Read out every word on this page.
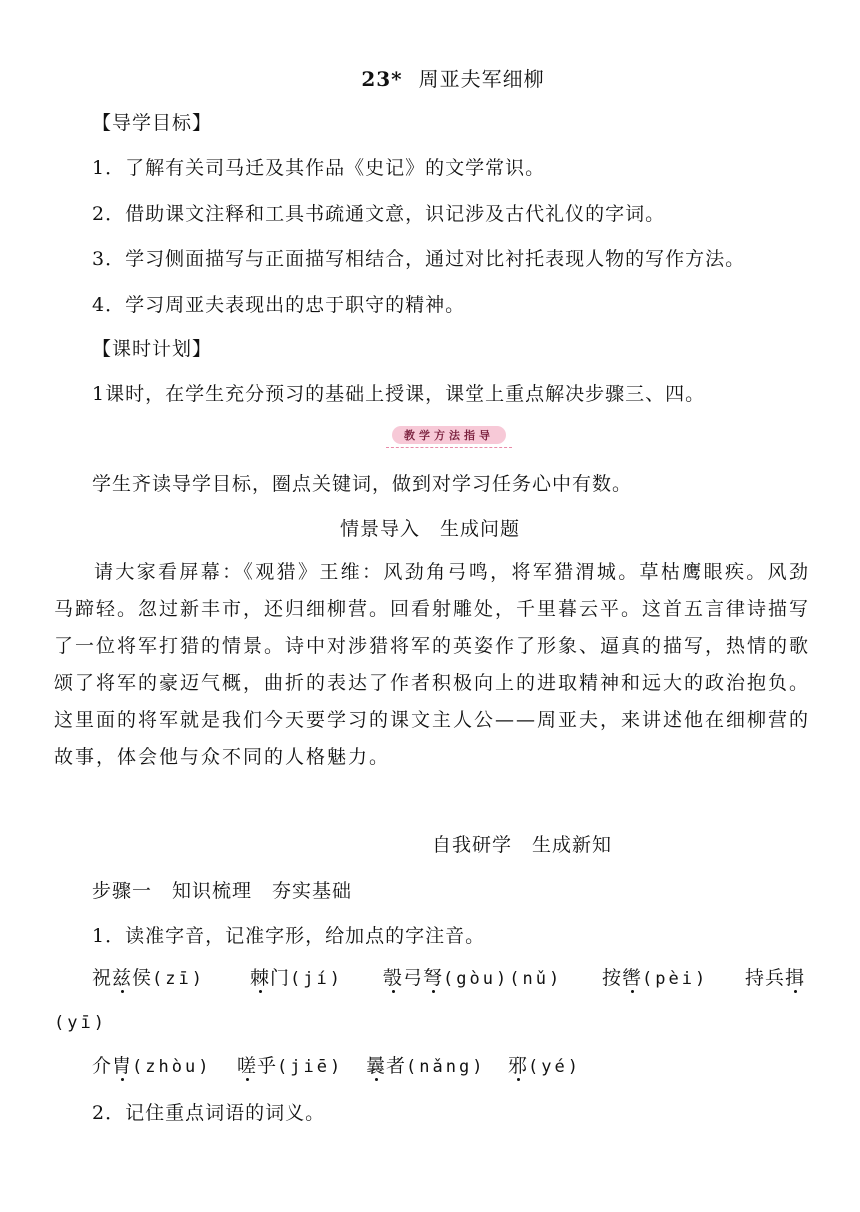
23* 周亚夫军细柳
【导学目标】
1．了解有关司马迁及其作品《史记》的文学常识。
2．借助课文注释和工具书疏通文意，识记涉及古代礼仪的字词。
3．学习侧面描写与正面描写相结合，通过对比衬托表现人物的写作方法。
4．学习周亚夫表现出的忠于职守的精神。
【课时计划】
1课时，在学生充分预习的基础上授课，课堂上重点解决步骤三、四。
教学方法指导
学生齐读导学目标，圈点关键词，做到对学习任务心中有数。
情景导入　生成问题
请大家看屏幕：《观猎》王维：风劲角弓鸣，将军猎渭城。草枯鹰眼疾。风劲马蹄轻。忽过新丰市，还归细柳营。回看射雕处，千里暮云平。这首五言律诗描写了一位将军打猎的情景。诗中对涉猎将军的英姿作了形象、逼真的描写，热情的歌颂了将军的豪迈气概，曲折的表达了作者积极向上的进取精神和远大的政治抱负。这里面的将军就是我们今天要学习的课文主人公——周亚夫，来讲述他在细柳营的故事，体会他与众不同的人格魅力。
自我研学　生成新知
步骤一　知识梳理　夯实基础
1．读准字音，记准字形，给加点的字注音。
祝兹侯(zī) 棘门(jí) 彀弓弩(gòu)(nǔ) 按辔(pèi) 持兵揖
(yī)
介胄(zhòu) 嗟乎(jiē) 曩者(nǎng) 邪(yé)
2．记住重点词语的词义。
